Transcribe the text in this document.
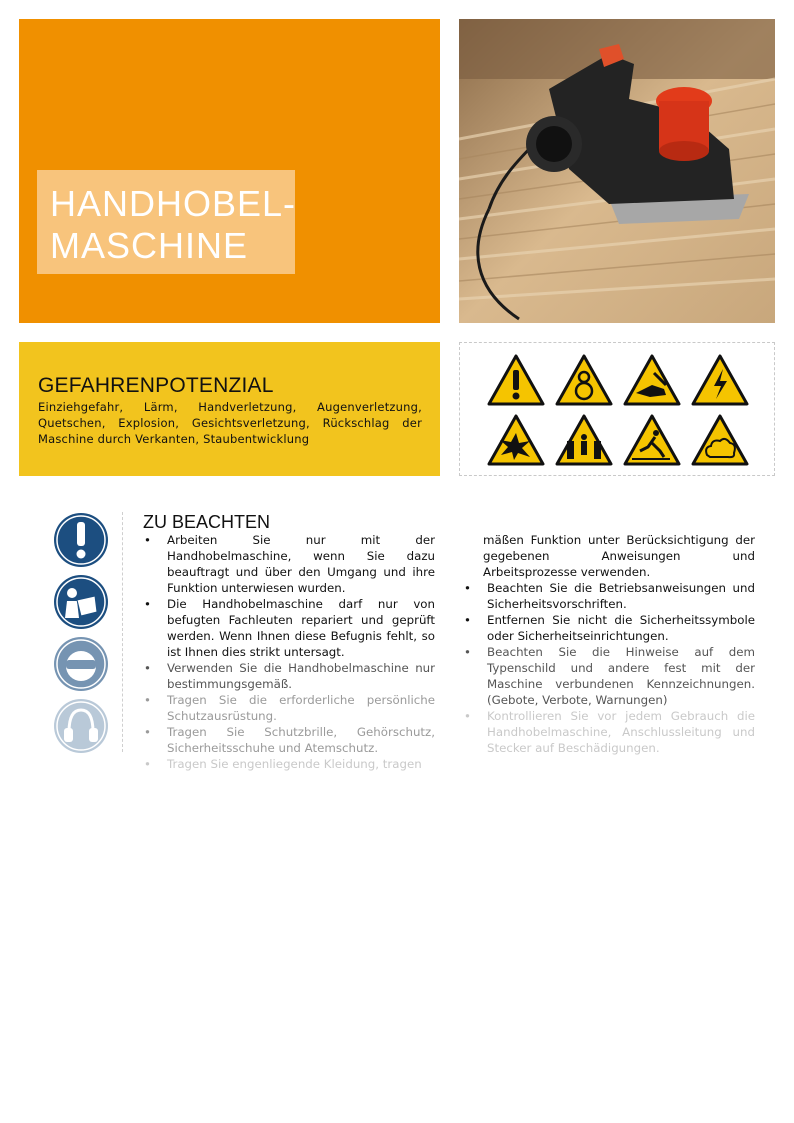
HANDHOBEL-
MASCHINE
GEFAHRENPOTENZIAL
Einziehgefahr, Lärm, Handverletzung, Augenverletzung, Quetschen, Explosion, Gesichtsverletzung, Rückschlag der Maschine durch Verkanten, Staubentwicklung
ZU BEACHTEN
• Arbeiten Sie nur mit der Handhobelmaschine, wenn Sie dazu beauftragt und über den Umgang und ihre Funktion unterwiesen wurden.
• Die Handhobelmaschine darf nur von befugten Fachleuten repariert und geprüft werden. Wenn Ihnen diese Befugnis fehlt, so ist Ihnen dies strikt untersagt.
• Verwenden Sie die Handhobelmaschine nur bestimmungsgemäß.
• Tragen Sie die erforderliche persönliche Schutzausrüstung.
• Tragen Sie Schutzbrille, Gehörschutz, Sicherheitsschuhe und Atemschutz.
• Tragen Sie engenliegende Kleidung, tragen
mäßen Funktion unter Berücksichtigung der gegebenen Anweisungen und Arbeitsprozesse verwenden.
• Beachten Sie die Betriebsanweisungen und Sicherheitsvorschriften.
• Entfernen Sie nicht die Sicherheitssymbole oder Sicherheitseinrichtungen.
• Beachten Sie die Hinweise auf dem Typenschild und andere fest mit der Maschine verbundenen Kennzeichnungen. (Gebote, Verbote, Warnungen)
• Kontrollieren Sie vor jedem Gebrauch die Handhobelmaschine, Anschlussleitung und Stecker auf Beschädigungen.
